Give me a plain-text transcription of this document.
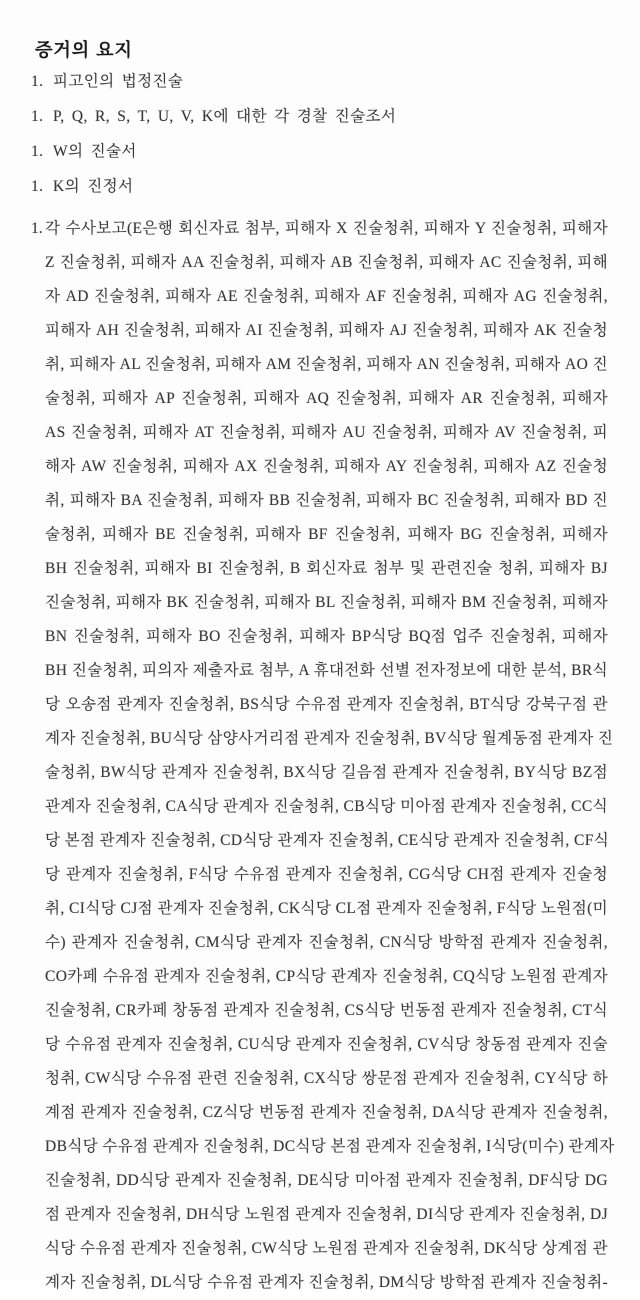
증거의 요지
1. 피고인의 법정진술
1. P, Q, R, S, T, U, V, K에 대한 각 경찰 진술조서
1. W의 진술서
1. K의 진정서
1. 각 수사보고(E은행 회신자료 첨부, 피해자 X 진술청취, 피해자 Y 진술청취, 피해자
Z 진술청취, 피해자 AA 진술청취, 피해자 AB 진술청취, 피해자 AC 진술청취, 피해
자 AD 진술청취, 피해자 AE 진술청취, 피해자 AF 진술청취, 피해자 AG 진술청취,
피해자 AH 진술청취, 피해자 AI 진술청취, 피해자 AJ 진술청취, 피해자 AK 진술청
취, 피해자 AL 진술청취, 피해자 AM 진술청취, 피해자 AN 진술청취, 피해자 AO 진
술청취, 피해자 AP 진술청취, 피해자 AQ 진술청취, 피해자 AR 진술청취, 피해자
AS 진술청취, 피해자 AT 진술청취, 피해자 AU 진술청취, 피해자 AV 진술청취, 피
해자 AW 진술청취, 피해자 AX 진술청취, 피해자 AY 진술청취, 피해자 AZ 진술청
취, 피해자 BA 진술청취, 피해자 BB 진술청취, 피해자 BC 진술청취, 피해자 BD 진
술청취, 피해자 BE 진술청취, 피해자 BF 진술청취, 피해자 BG 진술청취, 피해자
BH 진술청취, 피해자 BI 진술청취, B 회신자료 첨부 및 관련진술 청취, 피해자 BJ
진술청취, 피해자 BK 진술청취, 피해자 BL 진술청취, 피해자 BM 진술청취, 피해자
BN 진술청취, 피해자 BO 진술청취, 피해자 BP식당 BQ점 업주 진술청취, 피해자
BH 진술청취, 피의자 제출자료 첨부, A 휴대전화 선별 전자정보에 대한 분석, BR식
당 오송점 관계자 진술청취, BS식당 수유점 관계자 진술청취, BT식당 강북구점 관
계자 진술청취, BU식당 삼양사거리점 관계자 진술청취, BV식당 월계동점 관계자 진
술청취, BW식당 관계자 진술청취, BX식당 길음점 관계자 진술청취, BY식당 BZ점
관계자 진술청취, CA식당 관계자 진술청취, CB식당 미아점 관계자 진술청취, CC식
당 본점 관계자 진술청취, CD식당 관계자 진술청취, CE식당 관계자 진술청취, CF식
당 관계자 진술청취, F식당 수유점 관계자 진술청취, CG식당 CH점 관계자 진술청
취, CI식당 CJ점 관계자 진술청취, CK식당 CL점 관계자 진술청취, F식당 노원점(미
수) 관계자 진술청취, CM식당 관계자 진술청취, CN식당 방학점 관계자 진술청취,
CO카페 수유점 관계자 진술청취, CP식당 관계자 진술청취, CQ식당 노원점 관계자
진술청취, CR카페 창동점 관계자 진술청취, CS식당 번동점 관계자 진술청취, CT식
당 수유점 관계자 진술청취, CU식당 관계자 진술청취, CV식당 창동점 관계자 진술
청취, CW식당 수유점 관련 진술청취, CX식당 쌍문점 관계자 진술청취, CY식당 하
계점 관계자 진술청취, CZ식당 번동점 관계자 진술청취, DA식당 관계자 진술청취,
DB식당 수유점 관계자 진술청취, DC식당 본점 관계자 진술청취, I식당(미수) 관계자
진술청취, DD식당 관계자 진술청취, DE식당 미아점 관계자 진술청취, DF식당 DG
점 관계자 진술청취, DH식당 노원점 관계자 진술청취, DI식당 관계자 진술청취, DJ
식당 수유점 관계자 진술청취, CW식당 노원점 관계자 진술청취, DK식당 상계점 관
계자 진술청취, DL식당 수유점 관계자 진술청취, DM식당 방학점 관계자 진술청취-
